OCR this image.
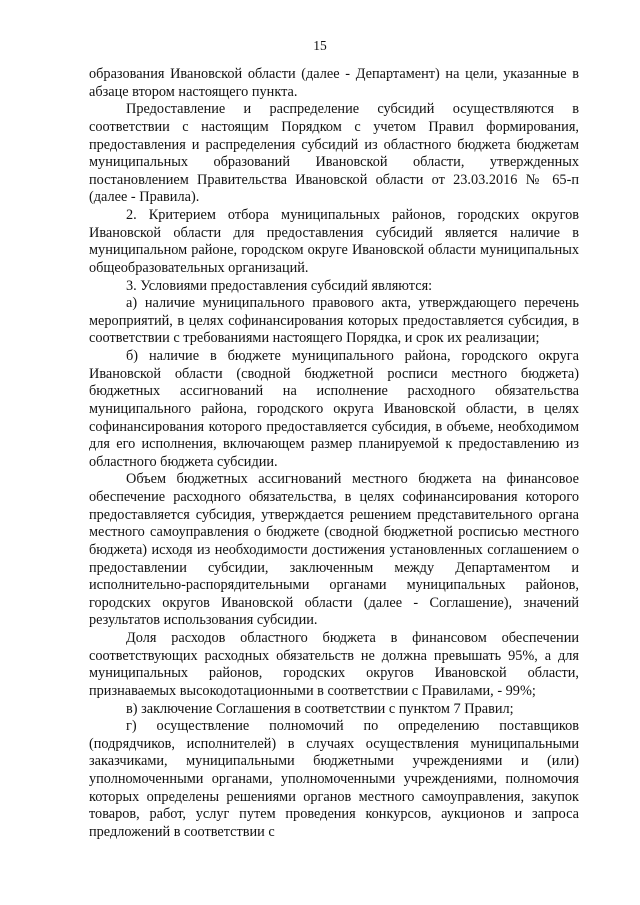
15

образования Ивановской области (далее - Департамент) на цели, указанные в абзаце втором настоящего пункта.

Предоставление и распределение субсидий осуществляются в соответствии с настоящим Порядком с учетом Правил формирования, предоставления и распределения субсидий из областного бюджета бюджетам муниципальных образований Ивановской области, утвержденных постановлением Правительства Ивановской области от 23.03.2016 № 65-п (далее - Правила).

2. Критерием отбора муниципальных районов, городских округов Ивановской области для предоставления субсидий является наличие в муниципальном районе, городском округе Ивановской области муниципальных общеобразовательных организаций.

3. Условиями предоставления субсидий являются:

а) наличие муниципального правового акта, утверждающего перечень мероприятий, в целях софинансирования которых предоставляется субсидия, в соответствии с требованиями настоящего Порядка, и срок их реализации;

б) наличие в бюджете муниципального района, городского округа Ивановской области (сводной бюджетной росписи местного бюджета) бюджетных ассигнований на исполнение расходного обязательства муниципального района, городского округа Ивановской области, в целях софинансирования которого предоставляется субсидия, в объеме, необходимом для его исполнения, включающем размер планируемой к предоставлению из областного бюджета субсидии.

Объем бюджетных ассигнований местного бюджета на финансовое обеспечение расходного обязательства, в целях софинансирования которого предоставляется субсидия, утверждается решением представительного органа местного самоуправления о бюджете (сводной бюджетной росписью местного бюджета) исходя из необходимости достижения установленных соглашением о предоставлении субсидии, заключенным между Департаментом и исполнительно-распорядительными органами муниципальных районов, городских округов Ивановской области (далее - Соглашение), значений результатов использования субсидии.

Доля расходов областного бюджета в финансовом обеспечении соответствующих расходных обязательств не должна превышать 95%, а для муниципальных районов, городских округов Ивановской области, признаваемых высокодотационными в соответствии с Правилами, - 99%;

в) заключение Соглашения в соответствии с пунктом 7 Правил;

г) осуществление полномочий по определению поставщиков (подрядчиков, исполнителей) в случаях осуществления муниципальными заказчиками, муниципальными бюджетными учреждениями и (или) уполномоченными органами, уполномоченными учреждениями, полномочия которых определены решениями органов местного самоуправления, закупок товаров, работ, услуг путем проведения конкурсов, аукционов и запроса предложений в соответствии с
